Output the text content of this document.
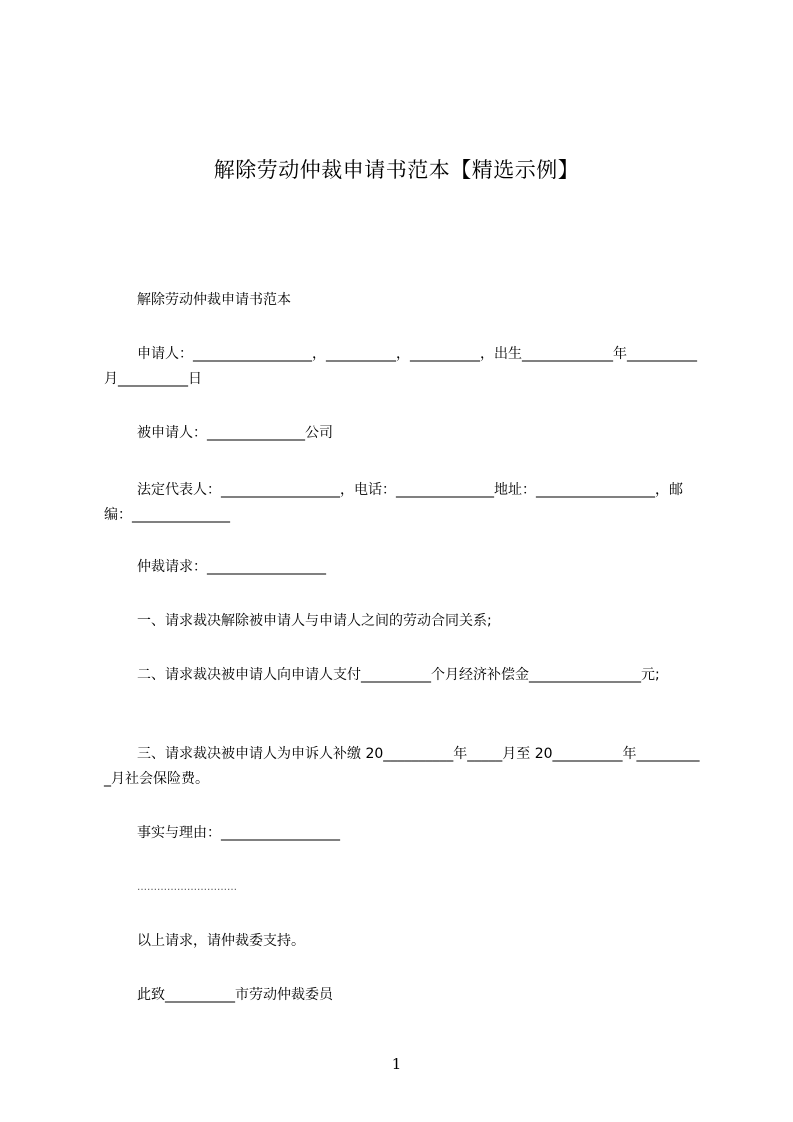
解除劳动仲裁申请书范本【精选示例】

解除劳动仲裁申请书范本

申请人：_________________，__________，__________，出生_____________年__________月__________日

被申请人：______________公司

法定代表人：_________________，电话：______________地址：_________________，邮编：______________

仲裁请求：_________________

一、请求裁决解除被申请人与申请人之间的劳动合同关系;

二、请求裁决被申请人向申请人支付__________个月经济补偿金________________元;

三、请求裁决被申请人为申诉人补缴 20__________年_____月至 20__________年__________月社会保险费。

事实与理由：_________________

…………………………

以上请求，请仲裁委支持。

此致__________市劳动仲裁委员

1
